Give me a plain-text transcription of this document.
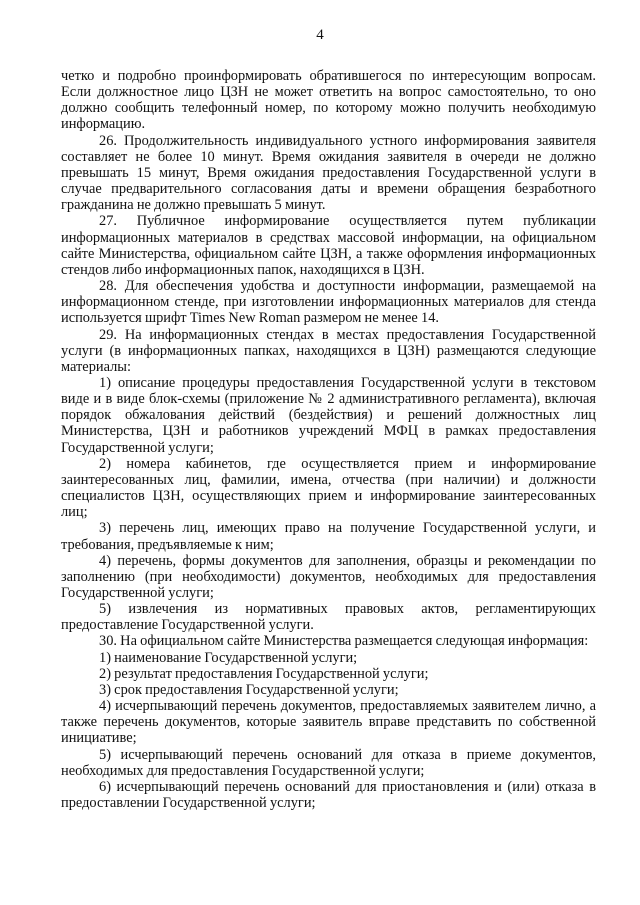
4

четко и подробно проинформировать обратившегося по интересующим вопросам. Если должностное лицо ЦЗН не может ответить на вопрос самостоятельно, то оно должно сообщить телефонный номер, по которому можно получить необходимую информацию.

26. Продолжительность индивидуального устного информирования заявителя составляет не более 10 минут. Время ожидания заявителя в очереди не должно превышать 15 минут, Время ожидания предоставления Государственной услуги в случае предварительного согласования даты и времени обращения безработного гражданина не должно превышать 5 минут.

27. Публичное информирование осуществляется путем публикации информационных материалов в средствах массовой информации, на официальном сайте Министерства, официальном сайте ЦЗН, а также оформления информационных стендов либо информационных папок, находящихся в ЦЗН.

28. Для обеспечения удобства и доступности информации, размещаемой на информационном стенде, при изготовлении информационных материалов для стенда используется шрифт Times New Roman размером не менее 14.

29. На информационных стендах в местах предоставления Государственной услуги (в информационных папках, находящихся в ЦЗН) размещаются следующие материалы:

1) описание процедуры предоставления Государственной услуги в текстовом виде и в виде блок-схемы (приложение № 2 административного регламента), включая порядок обжалования действий (бездействия) и решений должностных лиц Министерства, ЦЗН и работников учреждений МФЦ в рамках предоставления Государственной услуги;

2) номера кабинетов, где осуществляется прием и информирование заинтересованных лиц, фамилии, имена, отчества (при наличии) и должности специалистов ЦЗН, осуществляющих прием и информирование заинтересованных лиц;

3) перечень лиц, имеющих право на получение Государственной услуги, и требования, предъявляемые к ним;

4) перечень, формы документов для заполнения, образцы и рекомендации по заполнению (при необходимости) документов, необходимых для предоставления Государственной услуги;

5) извлечения из нормативных правовых актов, регламентирующих предоставление Государственной услуги.

30. На официальном сайте Министерства размещается следующая информация:

1) наименование Государственной услуги;

2) результат предоставления Государственной услуги;

3) срок предоставления Государственной услуги;

4) исчерпывающий перечень документов, предоставляемых заявителем лично, а также перечень документов, которые заявитель вправе представить по собственной инициативе;

5) исчерпывающий перечень оснований для отказа в приеме документов, необходимых для предоставления Государственной услуги;

6) исчерпывающий перечень оснований для приостановления и (или) отказа в предоставлении Государственной услуги;
